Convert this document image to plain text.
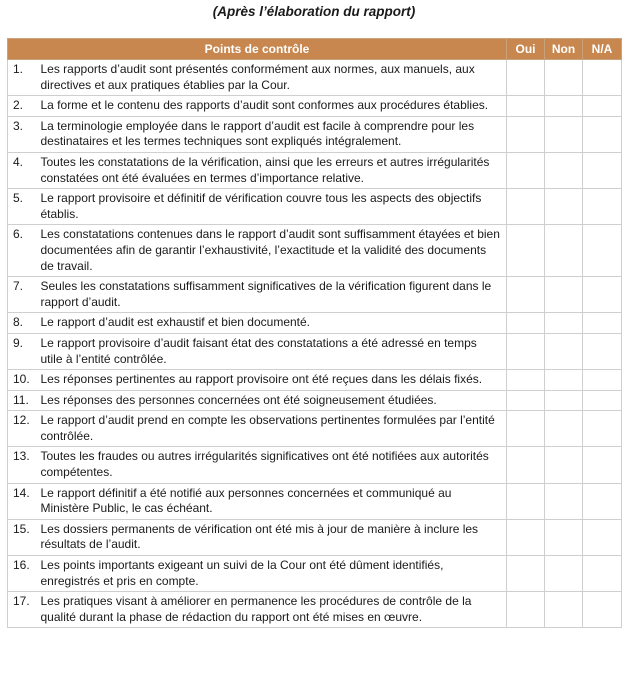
(Après l’élaboration du rapport)
Points de contrôle		Oui	Non	N/A
1.	Les rapports d’audit sont présentés conformément aux normes, aux manuels, aux directives et aux pratiques établies par la Cour.			
2.	La forme et le contenu des rapports d’audit sont conformes aux procédures établies.			
3.	La terminologie employée dans le rapport d’audit est facile à comprendre pour les destinataires et les termes techniques sont expliqués intégralement.			
4.	Toutes les constatations de la vérification, ainsi que les erreurs et autres irrégularités constatées ont été évaluées en termes d’importance relative.			
5.	Le rapport provisoire et définitif de vérification couvre tous les aspects des objectifs établis.			
6.	Les constatations contenues dans le rapport d’audit sont suffisamment étayées et bien documentées afin de garantir l’exhaustivité, l’exactitude et la validité des documents de travail.			
7.	Seules les constatations suffisamment significatives de la vérification figurent dans le rapport d’audit.			
8.	Le rapport d’audit est exhaustif et bien documenté.			
9.	Le rapport provisoire d’audit faisant état des constatations a été adressé en temps utile à l’entité contrôlée.			
10.	Les réponses pertinentes au rapport provisoire ont été reçues dans les délais fixés.			
11.	Les réponses des personnes concernées ont été soigneusement étudiées.			
12.	Le rapport d’audit prend en compte les observations pertinentes formulées par l’entité contrôlée.			
13.	Toutes les fraudes ou autres irrégularités significatives ont été notifiées aux autorités compétentes.			
14.	Le rapport définitif a été notifié aux personnes concernées et communiqué au Ministère Public, le cas échéant.			
15.	Les dossiers permanents de vérification ont été mis à jour de manière à inclure les résultats de l’audit.			
16.	Les points importants exigeant un suivi de la Cour ont été dûment identifiés, enregistrés et pris en compte.			
17.	Les pratiques visant à améliorer en permanence les procédures de contrôle de la qualité durant la phase de rédaction du rapport ont été mises en œuvre.			
